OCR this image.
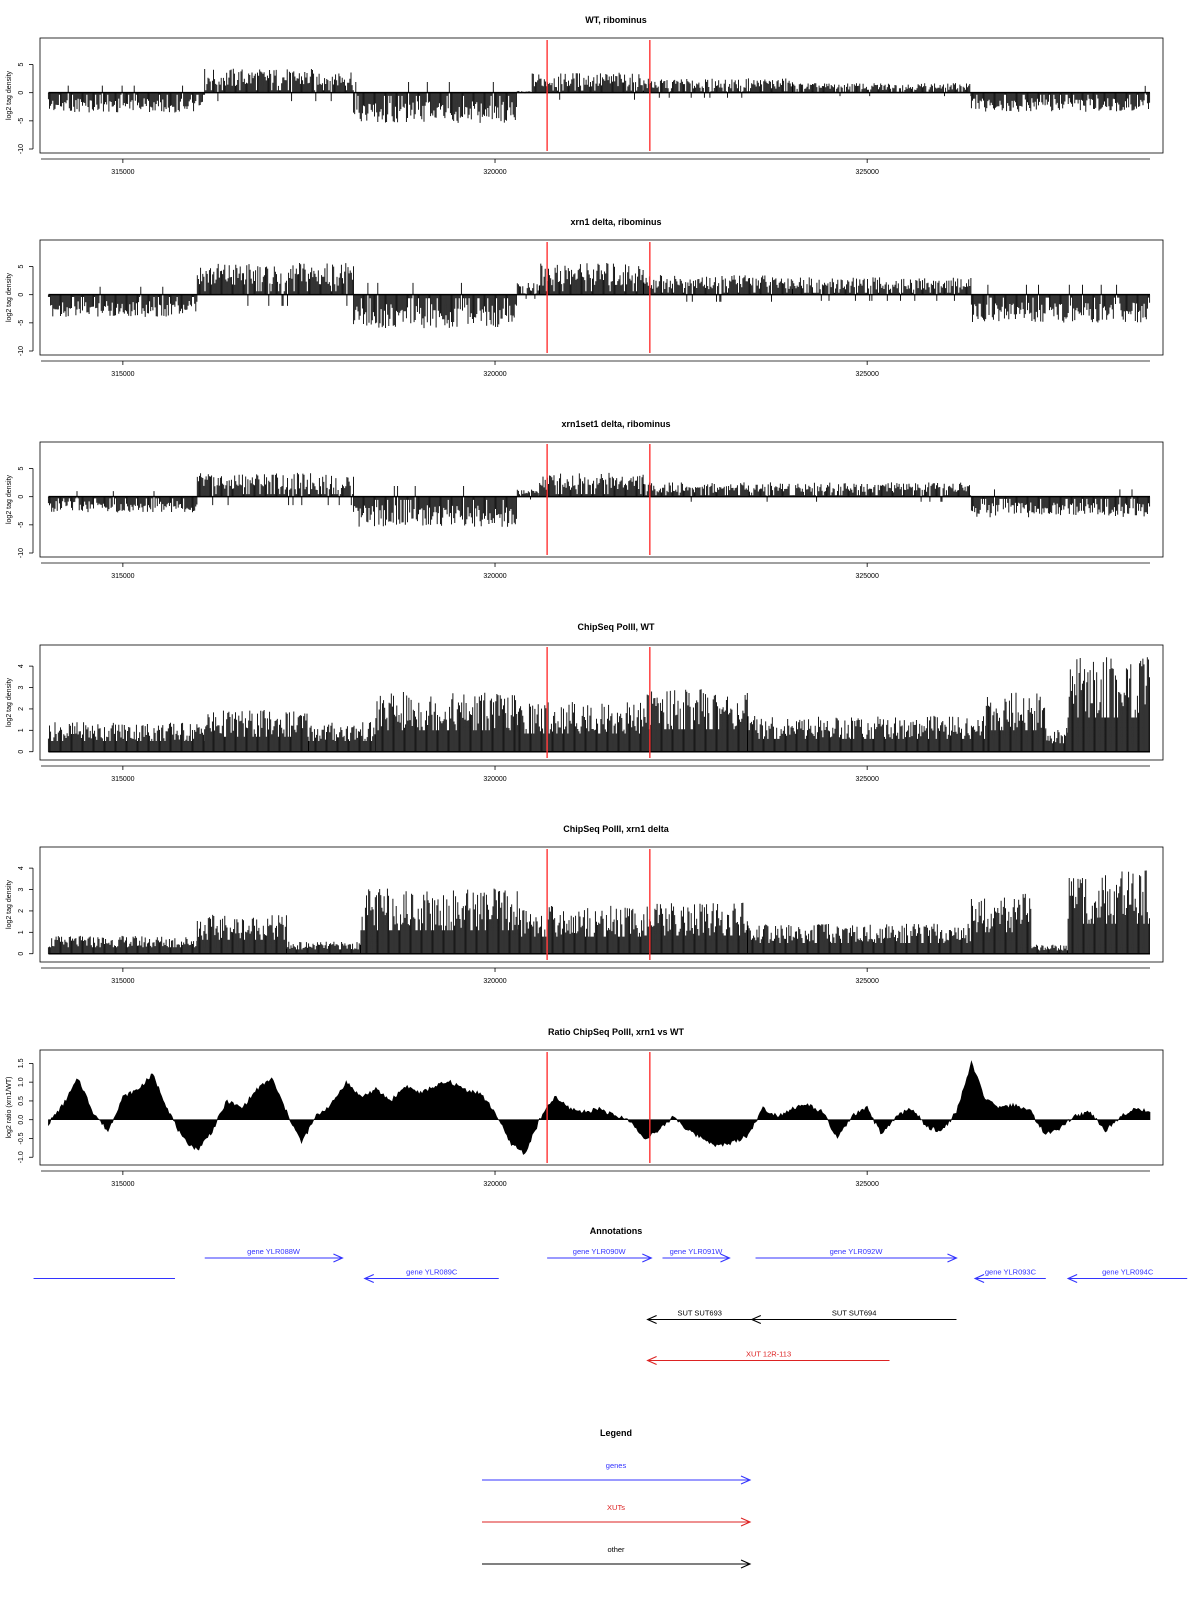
WT, ribominus
log2 tag density
-10
-5
0
5
315000	320000	325000
xrn1 delta, ribominus
log2 tag density
-10
-5
0
5
315000	320000	325000
xrn1set1 delta, ribominus
log2 tag density
-10
-5
0
5
315000	320000	325000
ChipSeq PolII, WT
log2 tag density
0
1
2
3
4
315000	320000	325000
ChipSeq PolII, xrn1 delta
log2 tag density
0
1
2
3
4
315000	320000	325000
Ratio ChipSeq PolII, xrn1 vs WT
log2 ratio (xrn1/WT)
-1.0
-0.5
0.0
0.5
1.0
1.5
315000	320000	325000
Annotations
gene YLR088W
gene YLR089C
gene YLR090W	gene YLR091W	gene YLR092W
gene YLR093C	gene YLR094C
SUT SUT693	SUT SUT694
XUT 12R-113
Legend
genes
XUTs
other
